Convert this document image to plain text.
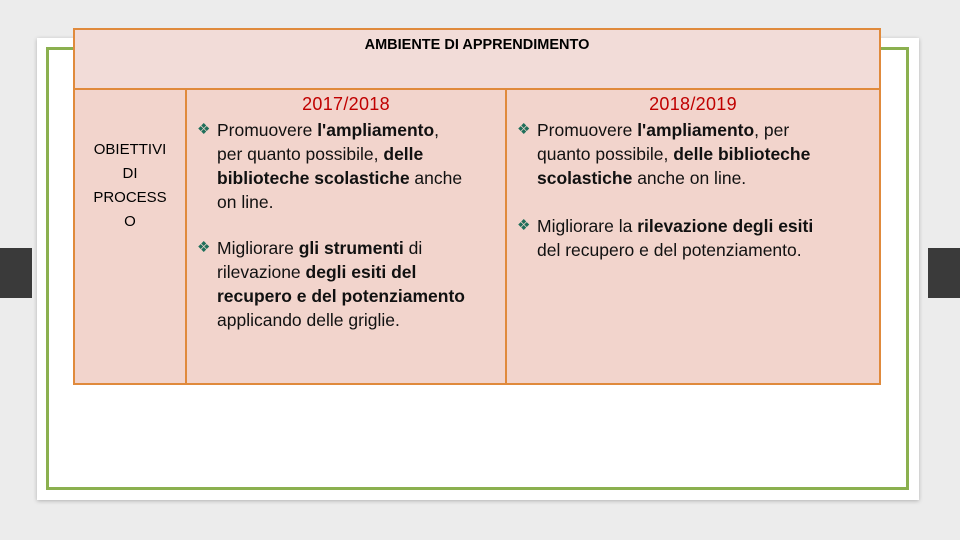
AMBIENTE DI APPRENDIMENTO
OBIETTIVI
DI
PROCESS
O
2017/2018
❖ Promuovere l'ampliamento,
per quanto possibile, delle
biblioteche scolastiche anche
on line.
❖ Migliorare gli strumenti di
rilevazione degli esiti del
recupero e del potenziamento
applicando delle griglie.
2018/2019
❖ Promuovere l'ampliamento, per
quanto possibile, delle biblioteche
scolastiche anche on line.
❖ Migliorare la rilevazione degli esiti
del recupero e del potenziamento.
